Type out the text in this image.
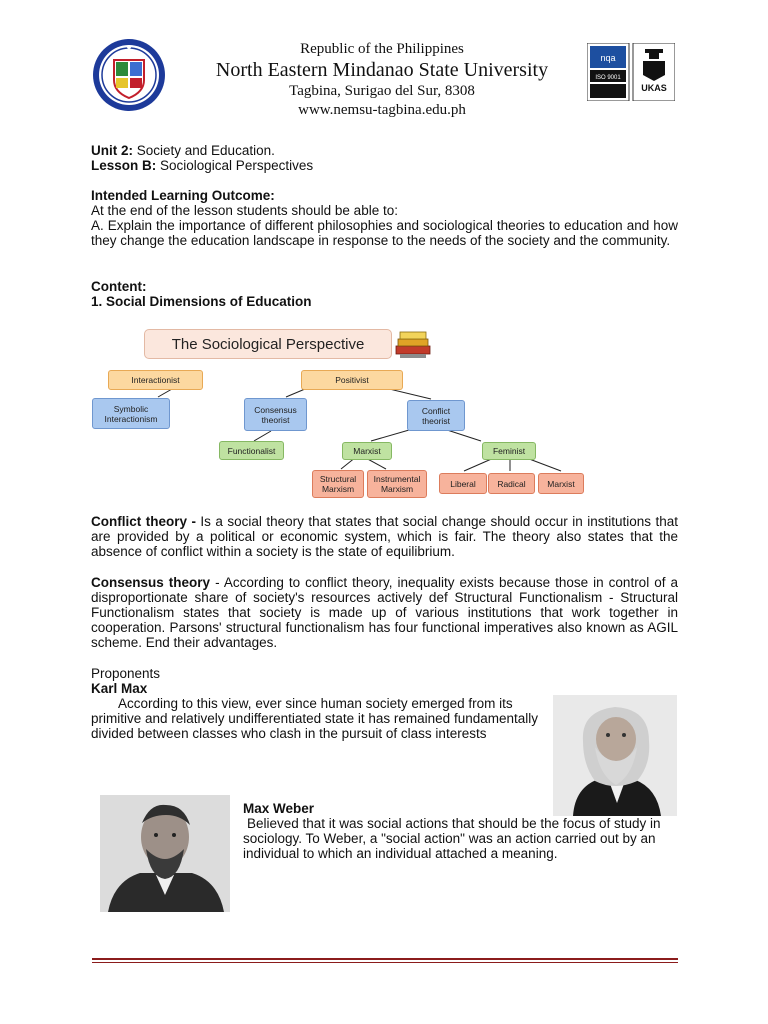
Republic of the Philippines
North Eastern Mindanao State University
Tagbina, Surigao del Sur, 8308
www.nemsu-tagbina.edu.ph
nqa
ISO 9001
UKAS
Unit 2: Society and Education.
Lesson B: Sociological Perspectives
Intended Learning Outcome:
At the end of the lesson students should be able to:
A. Explain the importance of different philosophies and sociological theories to education and how they change the education landscape in response to the needs of the society and the community.
Content:
1. Social Dimensions of Education
The Sociological Perspective
Interactionist	Positivist
Symbolic Interactionism
Consensus theorist
Conflict theorist
Functionalist	Marxist	Feminist
Structural Marxism
Instrumental Marxism
Liberal	Radical	Marxist
Conflict theory - Is a social theory that states that social change should occur in institutions that are provided by a political or economic system, which is fair. The theory also states that the absence of conflict within a society is the state of equilibrium.
Consensus theory - According to conflict theory, inequality exists because those in control of a disproportionate share of society's resources actively def Structural Functionalism - Structural Functionalism states that society is made up of various institutions that work together in cooperation. Parsons' structural functionalism has four functional imperatives also known as AGIL scheme. End their advantages.
Proponents
Karl Max
According to this view, ever since human society emerged from its primitive and relatively undifferentiated state it has remained fundamentally divided between classes who clash in the pursuit of class interests
Max Weber
Believed that it was social actions that should be the focus of study in sociology. To Weber, a "social action" was an action carried out by an individual to which an individual attached a meaning.
